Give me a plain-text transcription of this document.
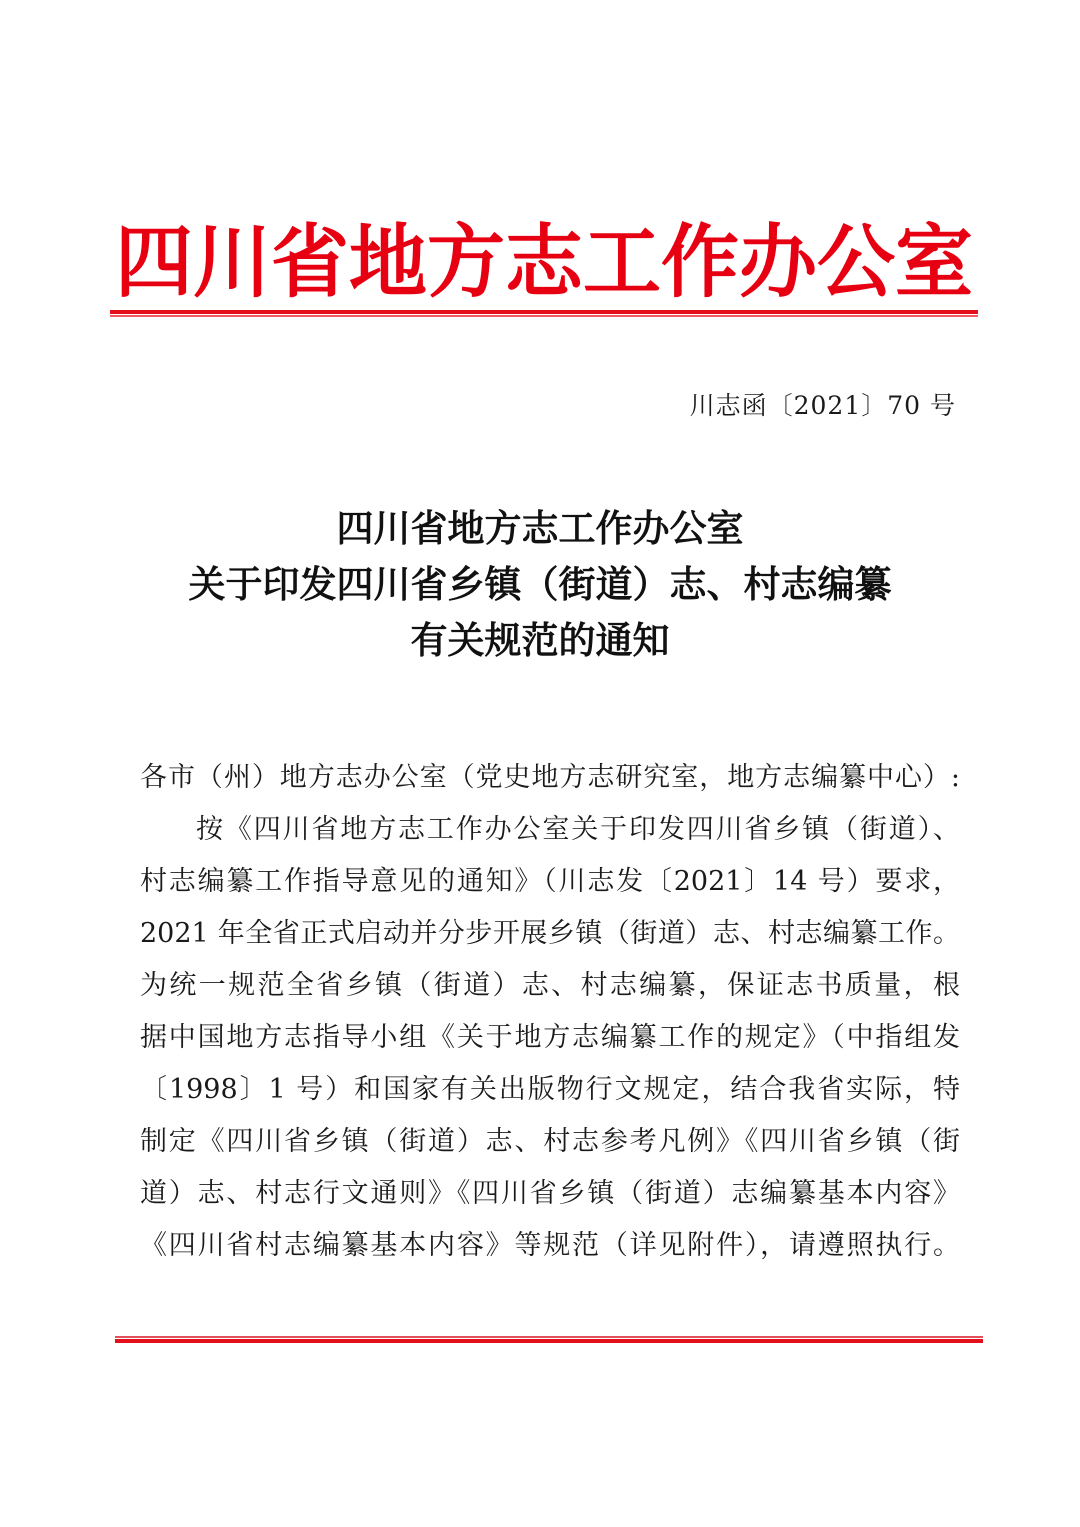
四川省地方志工作办公室
川志函〔2021〕70 号
四川省地方志工作办公室
关于印发四川省乡镇（街道）志、村志编纂
有关规范的通知
各市（州）地方志办公室（党史地方志研究室，地方志编纂中心）:
按《四川省地方志工作办公室关于印发四川省乡镇（街道）、
村志编纂工作指导意见的通知》（川志发〔2021〕14 号）要求，
2021 年全省正式启动并分步开展乡镇（街道）志、村志编纂工作。
为统一规范全省乡镇（街道）志、村志编纂，保证志书质量，根
据中国地方志指导小组《关于地方志编纂工作的规定》（中指组发
〔1998〕1 号）和国家有关出版物行文规定，结合我省实际，特
制定《四川省乡镇（街道）志、村志参考凡例》《四川省乡镇（街
道）志、村志行文通则》《四川省乡镇（街道）志编纂基本内容》
《四川省村志编纂基本内容》等规范（详见附件），请遵照执行。
